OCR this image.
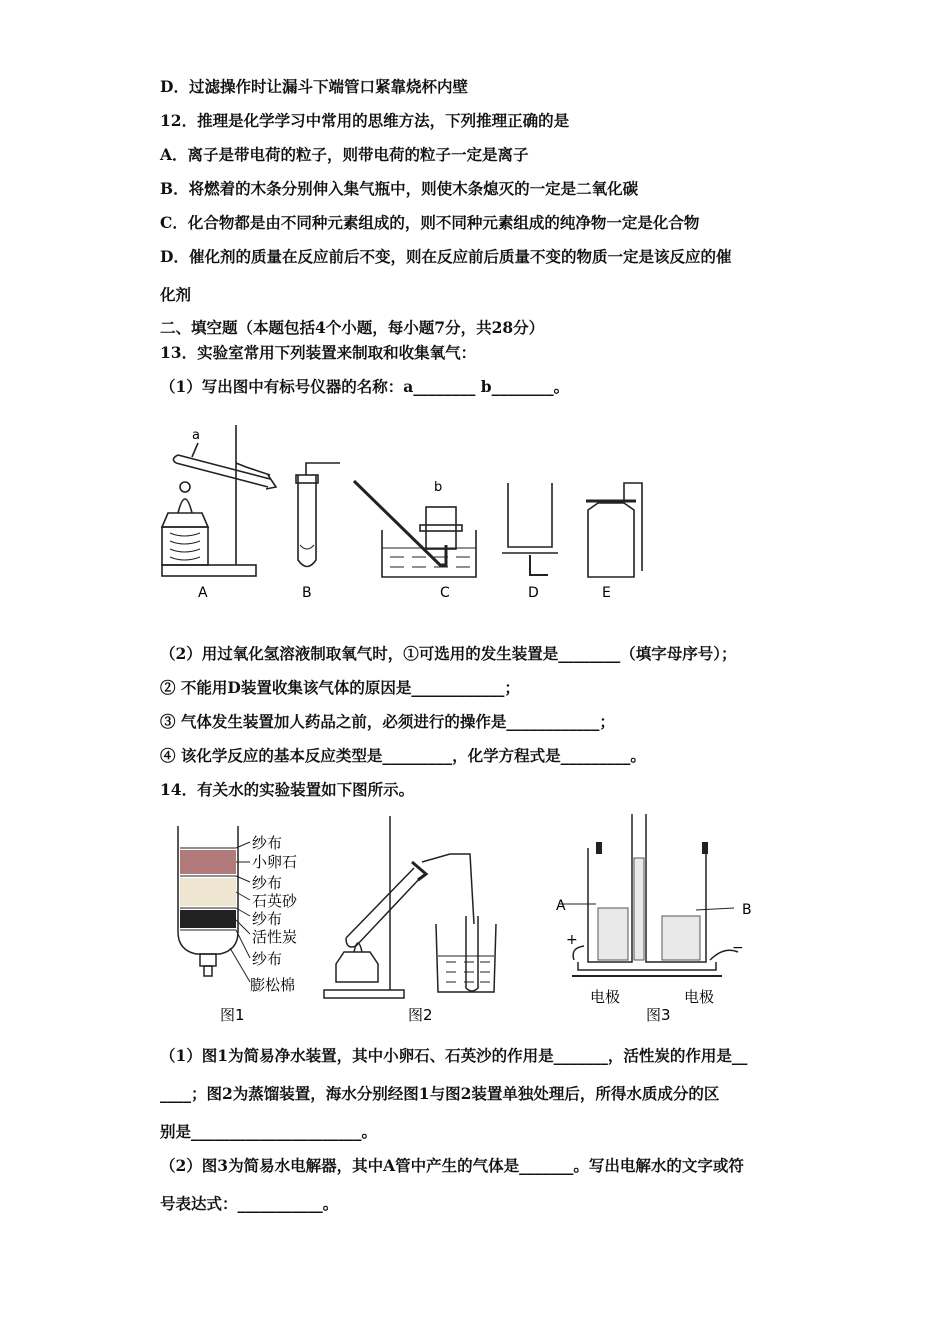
D．过滤操作时让漏斗下端管口紧靠烧杯内壁
12．推理是化学学习中常用的思维方法，下列推理正确的是
A．离子是带电荷的粒子，则带电荷的粒子一定是离子
B．将燃着的木条分别伸入集气瓶中，则使木条熄灭的一定是二氧化碳
C．化合物都是由不同种元素组成的，则不同种元素组成的纯净物一定是化合物
D．催化剂的质量在反应前后不变，则在反应前后质量不变的物质一定是该反应的催
化剂
二、填空题（本题包括4个小题，每小题7分，共28分）
13．实验室常用下列装置来制取和收集氧气：
（1）写出图中有标号仪器的名称：a________ b________。
a
b
A	B	C	D	E
（2）用过氧化氢溶液制取氧气时，①可选用的发生装置是________（填字母序号）；
② 不能用D装置收集该气体的原因是____________；
③ 气体发生装置加人药品之前，必须进行的操作是____________；
④ 该化学反应的基本反应类型是_________，化学方程式是_________。
14．有关水的实验装置如下图所示。
纱布
小卵石
纱布
石英砂
纱布
活性炭
纱布
膨松棉
图1	图2
A	B
+	−
电极	电极
图3
（1）图1为简易净水装置，其中小卵石、石英沙的作用是_______，活性炭的作用是__
____；图2为蒸馏装置，海水分别经图1与图2装置单独处理后，所得水质成分的区
别是______________________。
（2）图3为简易水电解器，其中A管中产生的气体是_______。写出电解水的文字或符
号表达式：___________。
